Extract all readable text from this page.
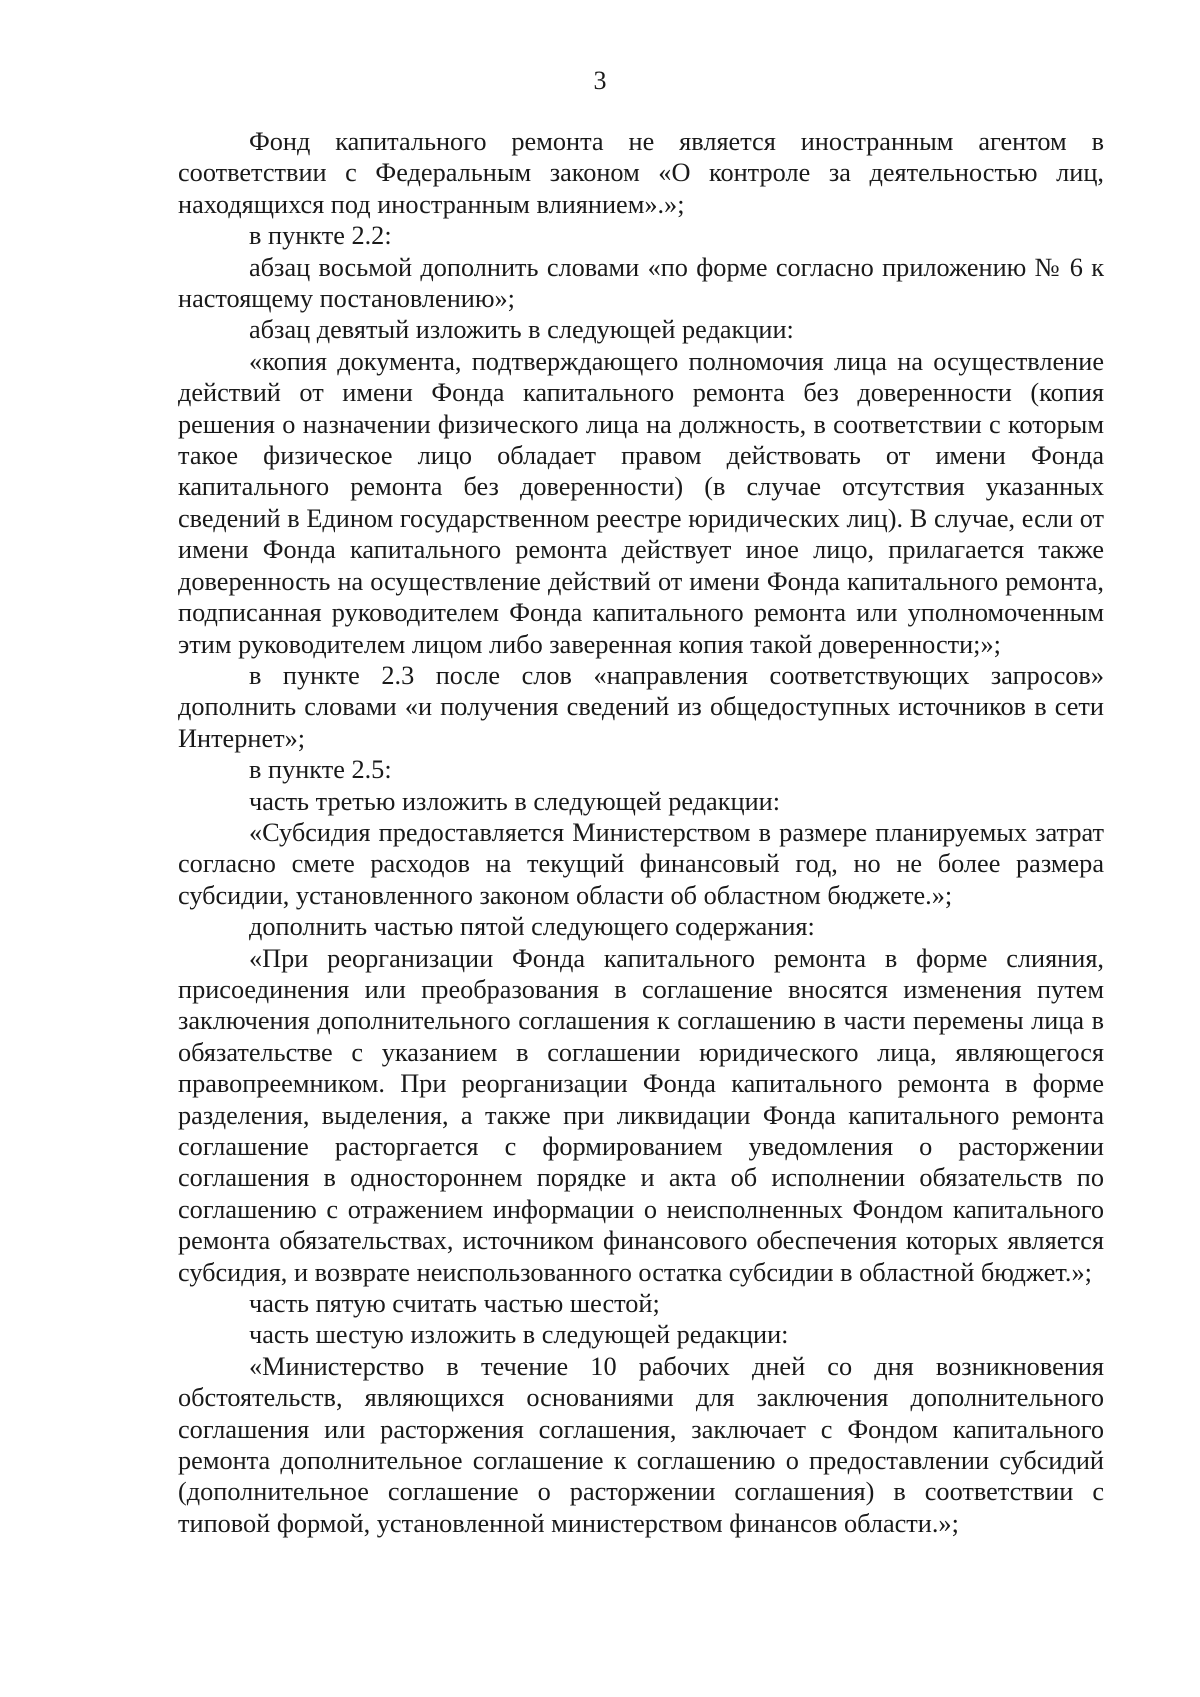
3

Фонд капитального ремонта не является иностранным агентом в соответствии с Федеральным законом «О контроле за деятельностью лиц, находящихся под иностранным влиянием».»;

в пункте 2.2:

абзац восьмой дополнить словами «по форме согласно приложению № 6 к настоящему постановлению»;

абзац девятый изложить в следующей редакции:

«копия документа, подтверждающего полномочия лица на осуществление действий от имени Фонда капитального ремонта без доверенности (копия решения о назначении физического лица на должность, в соответствии с которым такое физическое лицо обладает правом действовать от имени Фонда капитального ремонта без доверенности) (в случае отсутствия указанных сведений в Едином государственном реестре юридических лиц). В случае, если от имени Фонда капитального ремонта действует иное лицо, прилагается также доверенность на осуществление действий от имени Фонда капитального ремонта, подписанная руководителем Фонда капитального ремонта или уполномоченным этим руководителем лицом либо заверенная копия такой доверенности;»;

в пункте 2.3 после слов «направления соответствующих запросов» дополнить словами «и получения сведений из общедоступных источников в сети Интернет»;

в пункте 2.5:

часть третью изложить в следующей редакции:

«Субсидия предоставляется Министерством в размере планируемых затрат согласно смете расходов на текущий финансовый год, но не более размера субсидии, установленного законом области об областном бюджете.»;

дополнить частью пятой следующего содержания:

«При реорганизации Фонда капитального ремонта в форме слияния, присоединения или преобразования в соглашение вносятся изменения путем заключения дополнительного соглашения к соглашению в части перемены лица в обязательстве с указанием в соглашении юридического лица, являющегося правопреемником. При реорганизации Фонда капитального ремонта в форме разделения, выделения, а также при ликвидации Фонда капитального ремонта соглашение расторгается с формированием уведомления о расторжении соглашения в одностороннем порядке и акта об исполнении обязательств по соглашению с отражением информации о неисполненных Фондом капитального ремонта обязательствах, источником финансового обеспечения которых является субсидия, и возврате неиспользованного остатка субсидии в областной бюджет.»;

часть пятую считать частью шестой;

часть шестую изложить в следующей редакции:

«Министерство в течение 10 рабочих дней со дня возникновения обстоятельств, являющихся основаниями для заключения дополнительного соглашения или расторжения соглашения, заключает с Фондом капитального ремонта дополнительное соглашение к соглашению о предоставлении субсидий (дополнительное соглашение о расторжении соглашения) в соответствии с типовой формой, установленной министерством финансов области.»;
